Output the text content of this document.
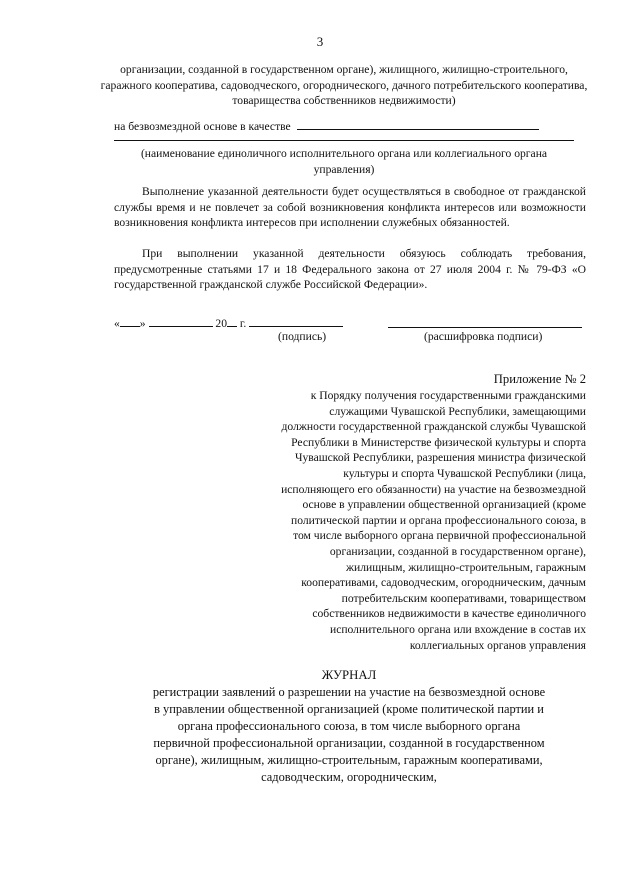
3
организации, созданной в государственном органе), жилищного, жилищно-строительного, гаражного кооператива, садоводческого, огороднического, дачного потребительского кооператива, товарищества собственников недвижимости)
на безвозмездной основе в качестве
(наименование единоличного исполнительного органа или коллегиального органа управления)
Выполнение указанной деятельности будет осуществляться в свободное от гражданской службы время и не повлечет за собой возникновения конфликта интересов или возможности возникновения конфликта интересов при исполнении служебных обязанностей.
При выполнении указанной деятельности обязуюсь соблюдать требования, предусмотренные статьями 17 и 18 Федерального закона от 27 июля 2004 г. № 79-ФЗ «О государственной гражданской службе Российской Федерации».
« »	20 г.
(подпись)	(расшифровка подписи)
Приложение № 2
к Порядку получения государственными гражданскими служащими Чувашской Республики, замещающими должности государственной гражданской службы Чувашской Республики в Министерстве физической культуры и спорта Чувашской Республики, разрешения министра физической культуры и спорта Чувашской Республики (лица, исполняющего его обязанности) на участие на безвозмездной основе в управлении общественной организацией (кроме политической партии и органа профессионального союза, в том числе выборного органа первичной профессиональной организации, созданной в государственном органе), жилищным, жилищно-строительным, гаражным кооперативами, садоводческим, огородническим, дачным потребительским кооперативами, товариществом собственников недвижимости в качестве единоличного исполнительного органа или вхождение в состав их коллегиальных органов управления
ЖУРНАЛ
регистрации заявлений о разрешении на участие на безвозмездной основе в управлении общественной организацией (кроме политической партии и органа профессионального союза, в том числе выборного органа первичной профессиональной организации, созданной в государственном органе), жилищным, жилищно-строительным, гаражным кооперативами, садоводческим, огородническим,
